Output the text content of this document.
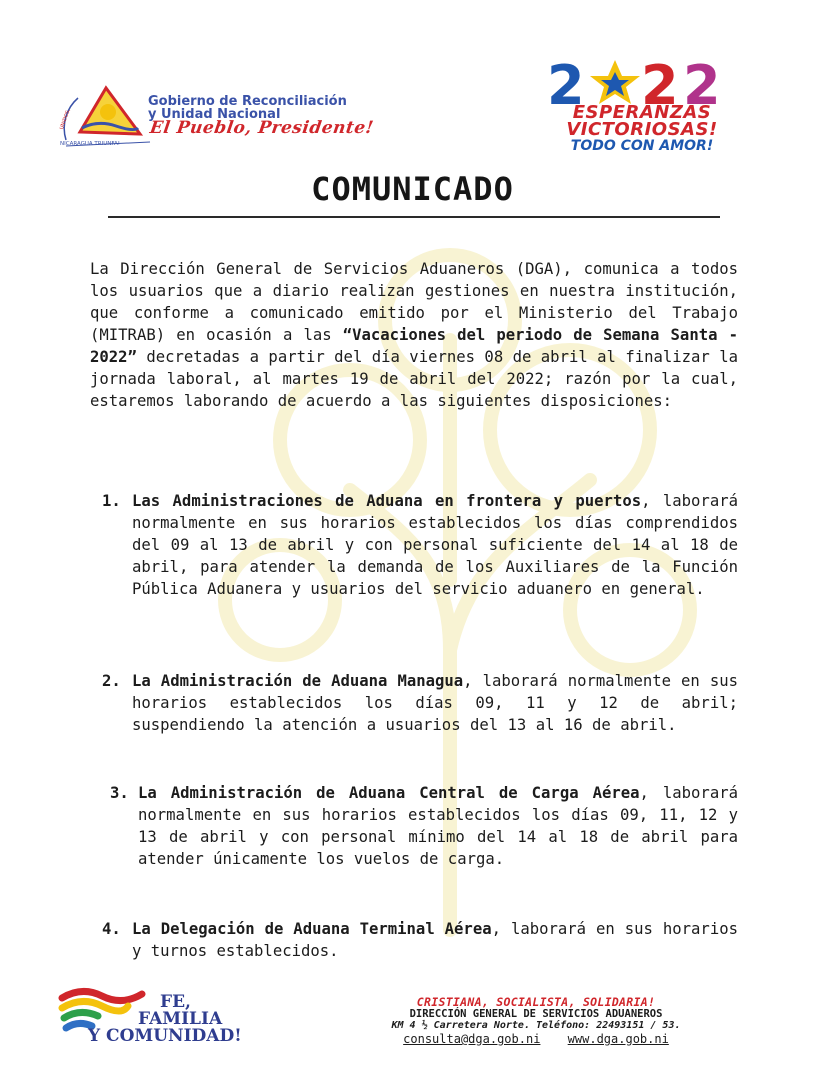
UNIDOS,
NICARAGUA TRIUNFA!
Gobierno de Reconciliación
y Unidad Nacional
El Pueblo, Presidente!
2 2 2
ESPERANZAS
VICTORIOSAS!
TODO CON AMOR!
COMUNICADO

La Dirección General de Servicios Aduaneros (DGA), comunica a todos los usuarios que a diario realizan gestiones en nuestra institución, que conforme a comunicado emitido por el Ministerio del Trabajo (MITRAB) en ocasión a las “Vacaciones del periodo de Semana Santa - 2022” decretadas a partir del día viernes 08 de abril al finalizar la jornada laboral, al martes 19 de abril del 2022; razón por la cual, estaremos laborando de acuerdo a las siguientes disposiciones:

1. Las Administraciones de Aduana en frontera y puertos, laborará normalmente en sus horarios establecidos los días comprendidos del 09 al 13 de abril y con personal suficiente del 14 al 18 de abril, para atender la demanda de los Auxiliares de la Función Pública Aduanera y usuarios del servicio aduanero en general.
2. La Administración de Aduana Managua, laborará normalmente en sus horarios establecidos los días 09, 11 y 12 de abril; suspendiendo la atención a usuarios del 13 al 16 de abril.
3. La Administración de Aduana Central de Carga Aérea, laborará normalmente en sus horarios establecidos los días 09, 11, 12 y 13 de abril y con personal mínimo del 14 al 18 de abril para atender únicamente los vuelos de carga.
4. La Delegación de Aduana Terminal Aérea, laborará en sus horarios y turnos establecidos.
FE,
FAMILIA
Y COMUNIDAD!
CRISTIANA, SOCIALISTA, SOLIDARIA!
DIRECCIÓN GENERAL DE SERVICIOS ADUANEROS
KM 4 ½ Carretera Norte. Teléfono: 22493151 / 53.
consulta@dga.gob.ni www.dga.gob.ni
